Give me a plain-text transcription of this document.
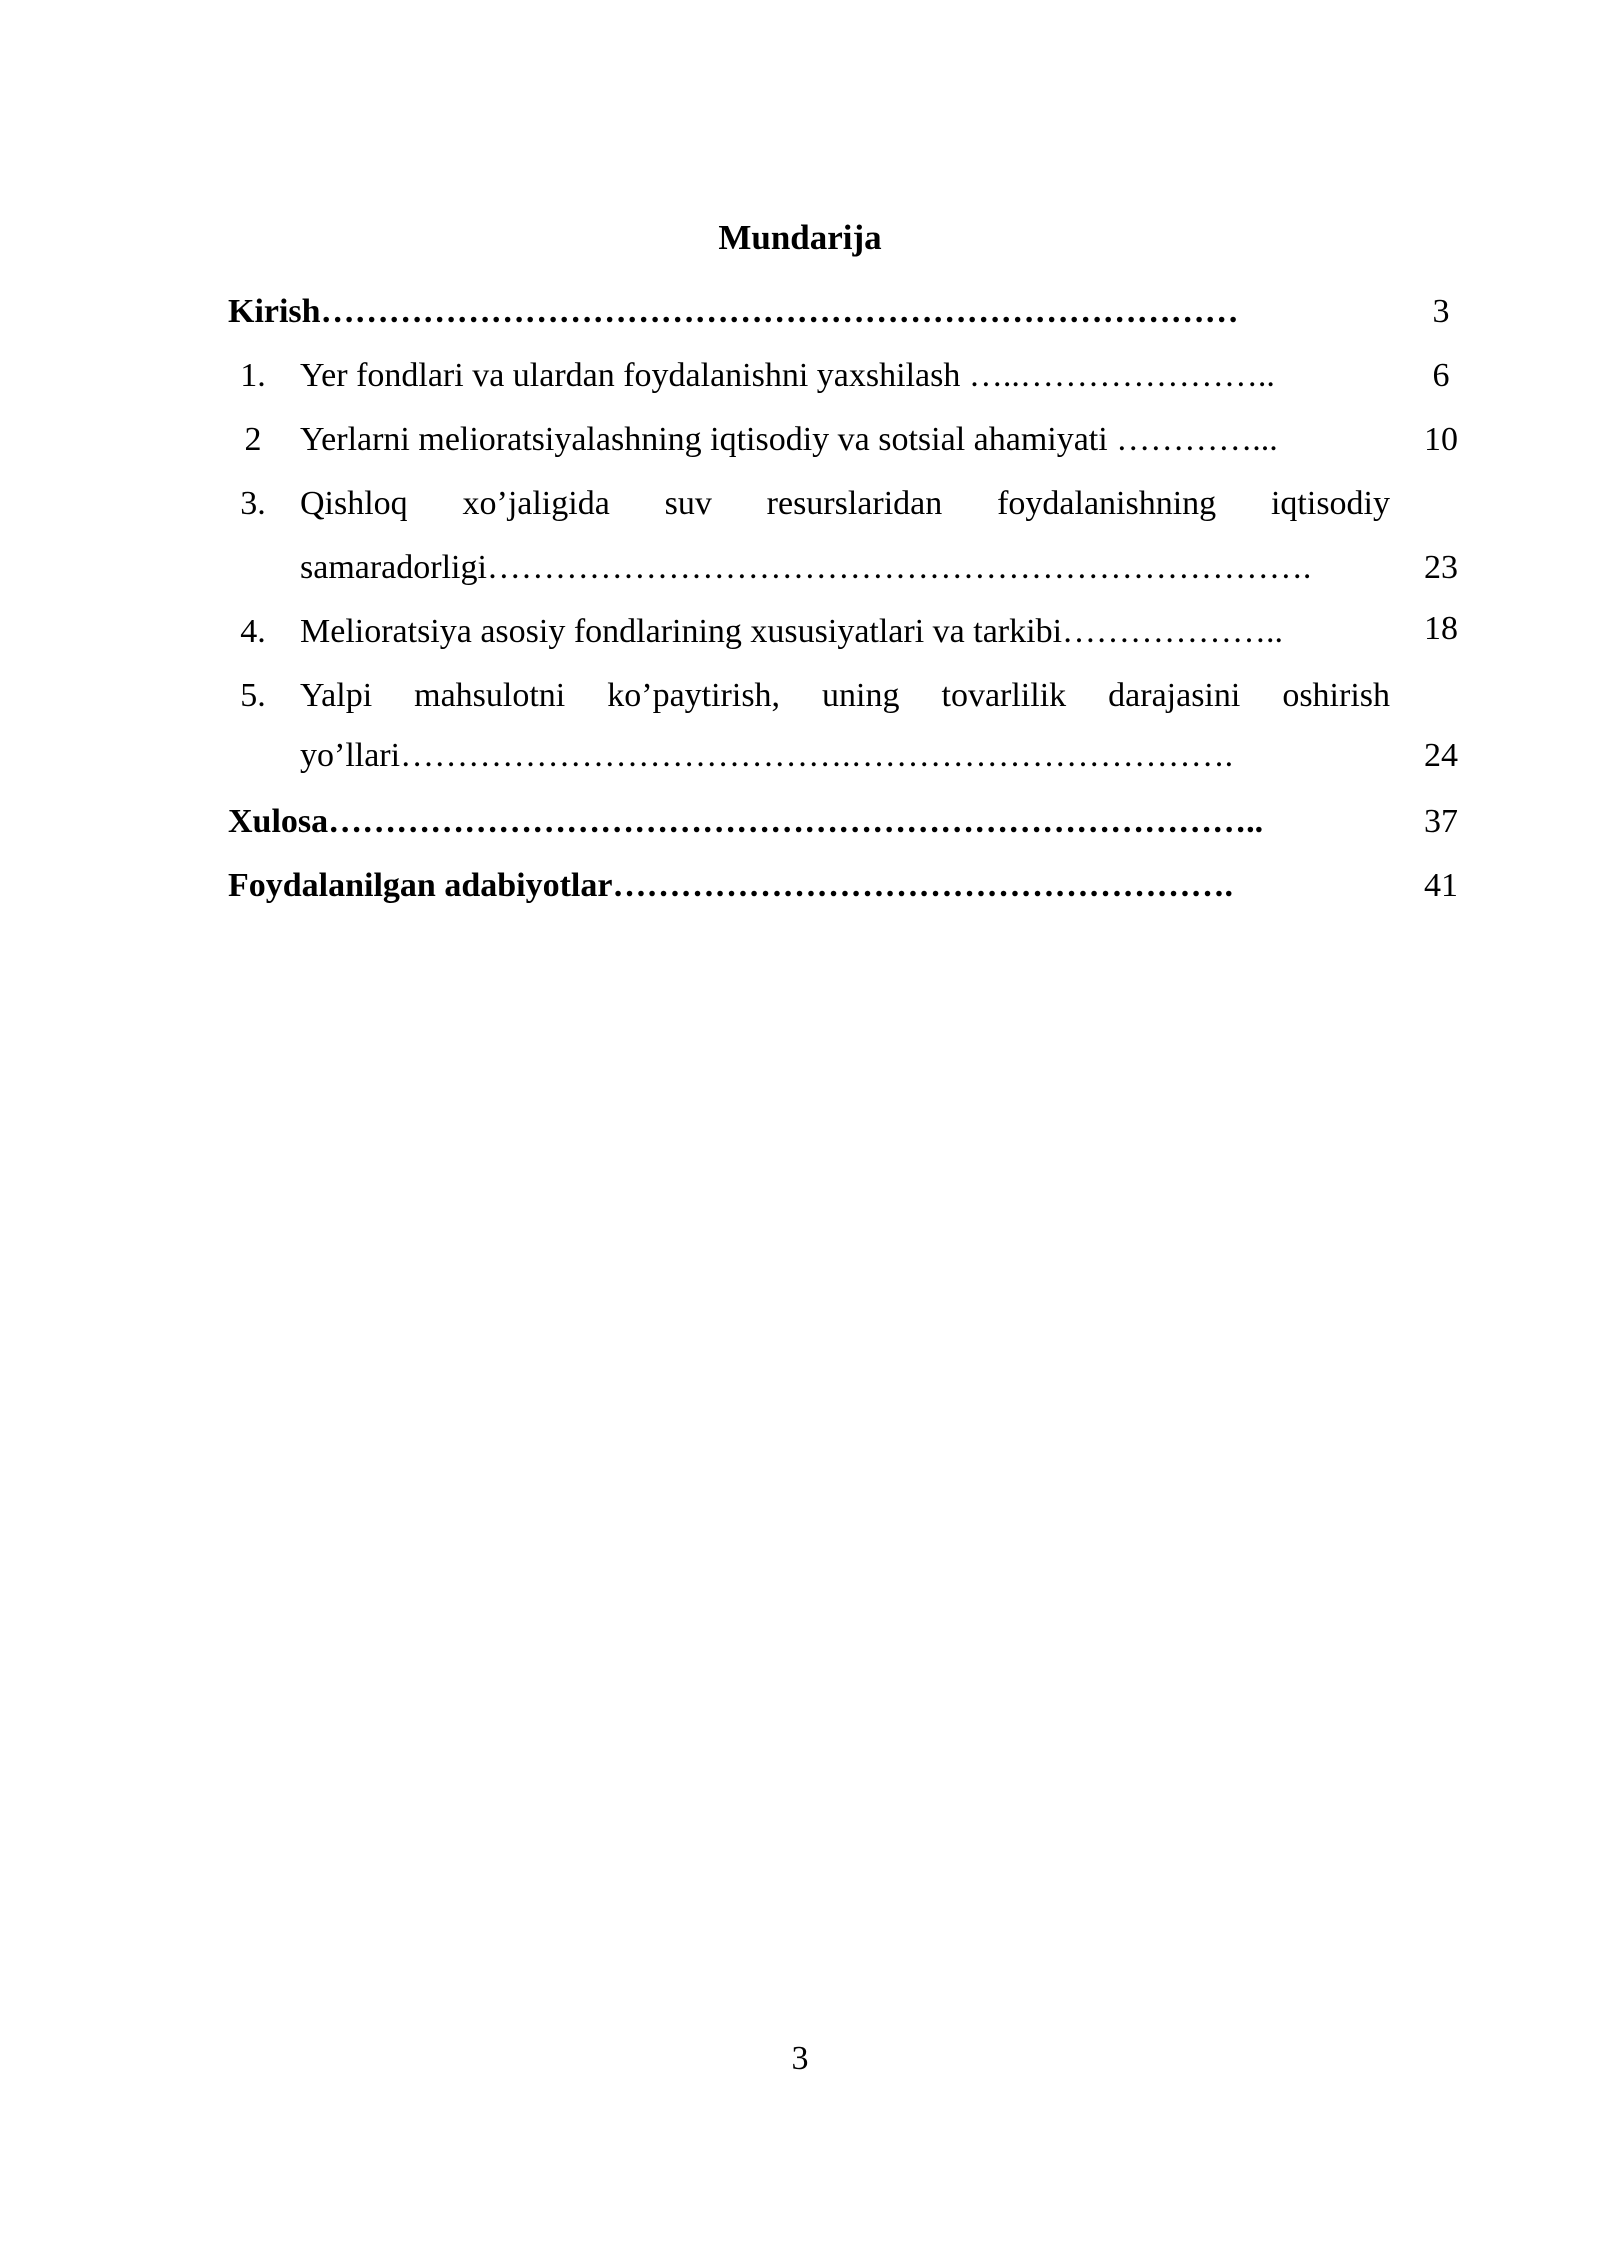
Mundarija
Kirish………………………………………………………………………	3
1.	Yer fondlari va ulardan foydalanishni yaxshilash …..…………………..	6
2	Yerlarni melioratsiyalashning iqtisodiy va sotsial ahamiyati …………...	10
3.	Qishloq xo’jaligida suv resurslaridan foydalanishning iqtisodiy
samaradorligi……………………………………………………………….	23
4.	Melioratsiya asosiy fondlarining xususiyatlari va tarkibi………………..	18
5.	Yalpi mahsulotni ko’paytirish, uning tovarlilik darajasini oshirish
yo’llari………………………………….…………………………….	24
Xulosa………………………………………………………………………..	37
Foydalanilgan adabiyotlar……………………………………………….	41

3
